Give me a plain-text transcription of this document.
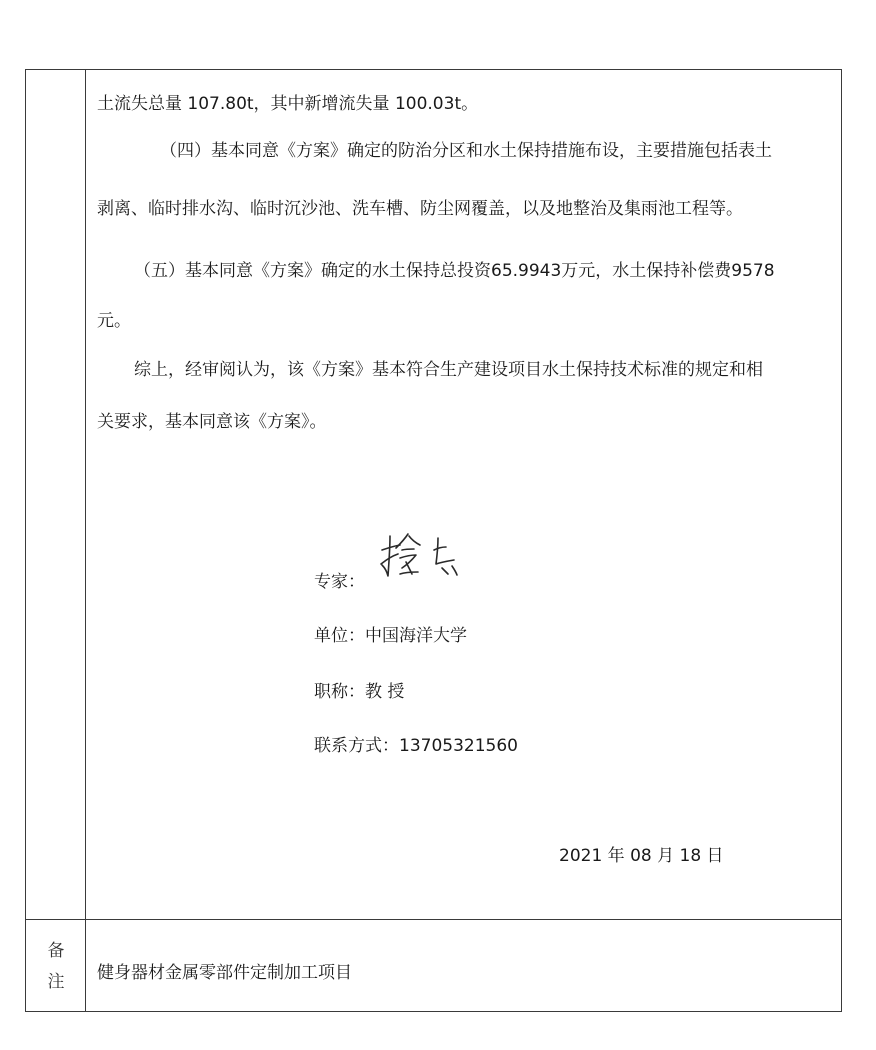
土流失总量 107.80t，其中新增流失量 100.03t。
（四）基本同意《方案》确定的防治分区和水土保持措施布设，主要措施包括表土
剥离、临时排水沟、临时沉沙池、洗车槽、防尘网覆盖，以及地整治及集雨池工程等。
（五）基本同意《方案》确定的水土保持总投资65.9943万元，水土保持补偿费9578
元。
综上，经审阅认为，该《方案》基本符合生产建设项目水土保持技术标准的规定和相
关要求，基本同意该《方案》。
专家：
单位：中国海洋大学
职称：教 授
联系方式：13705321560
2021 年 08 月 18 日
备
注 健身器材金属零部件定制加工项目
